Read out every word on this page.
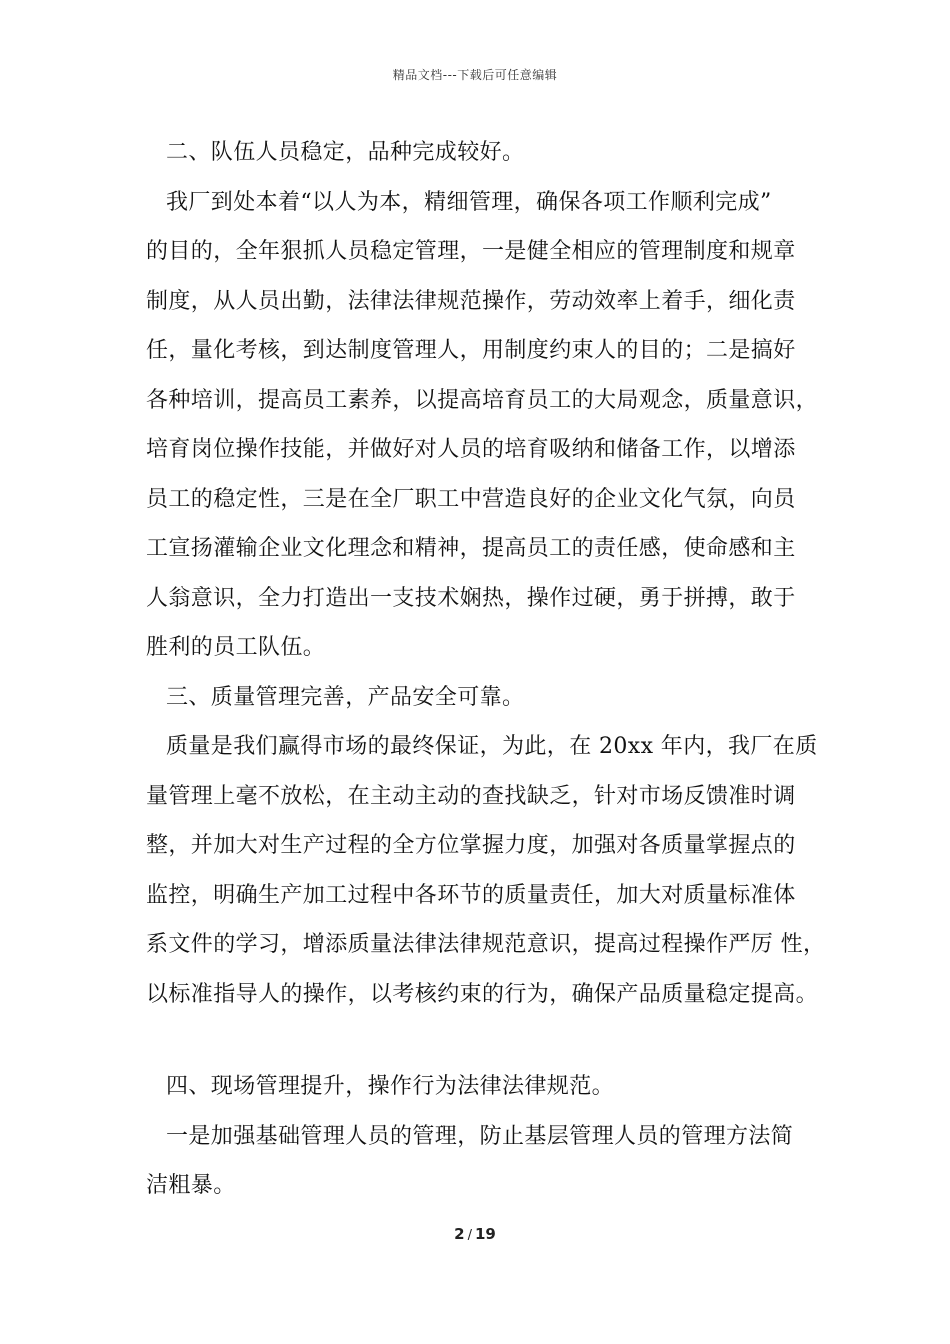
精品文档---下载后可任意编辑
二、队伍人员稳定，品种完成较好。
我厂到处本着“以人为本，精细管理，确保各项工作顺利完成”
的目的，全年狠抓人员稳定管理，一是健全相应的管理制度和规章
制度，从人员出勤，法律法律规范操作，劳动效率上着手，细化责
任，量化考核，到达制度管理人，用制度约束人的目的；二是搞好
各种培训，提高员工素养，以提高培育员工的大局观念，质量意识，
培育岗位操作技能，并做好对人员的培育吸纳和储备工作，以增添
员工的稳定性，三是在全厂职工中营造良好的企业文化气氛，向员
工宣扬灌输企业文化理念和精神，提高员工的责任感，使命感和主
人翁意识，全力打造出一支技术娴热，操作过硬，勇于拼搏，敢于
胜利的员工队伍。
三、质量管理完善，产品安全可靠。
质量是我们赢得市场的最终保证，为此，在 20xx 年内，我厂在质
量管理上毫不放松，在主动主动的查找缺乏，针对市场反馈准时调
整，并加大对生产过程的全方位掌握力度，加强对各质量掌握点的
监控，明确生产加工过程中各环节的质量责任，加大对质量标准体
系文件的学习，增添质量法律法律规范意识，提高过程操作严厉 性，
以标准指导人的操作，以考核约束的行为，确保产品质量稳定提高。
四、现场管理提升，操作行为法律法律规范。
一是加强基础管理人员的管理，防止基层管理人员的管理方法简
洁粗暴。
2 / 19
